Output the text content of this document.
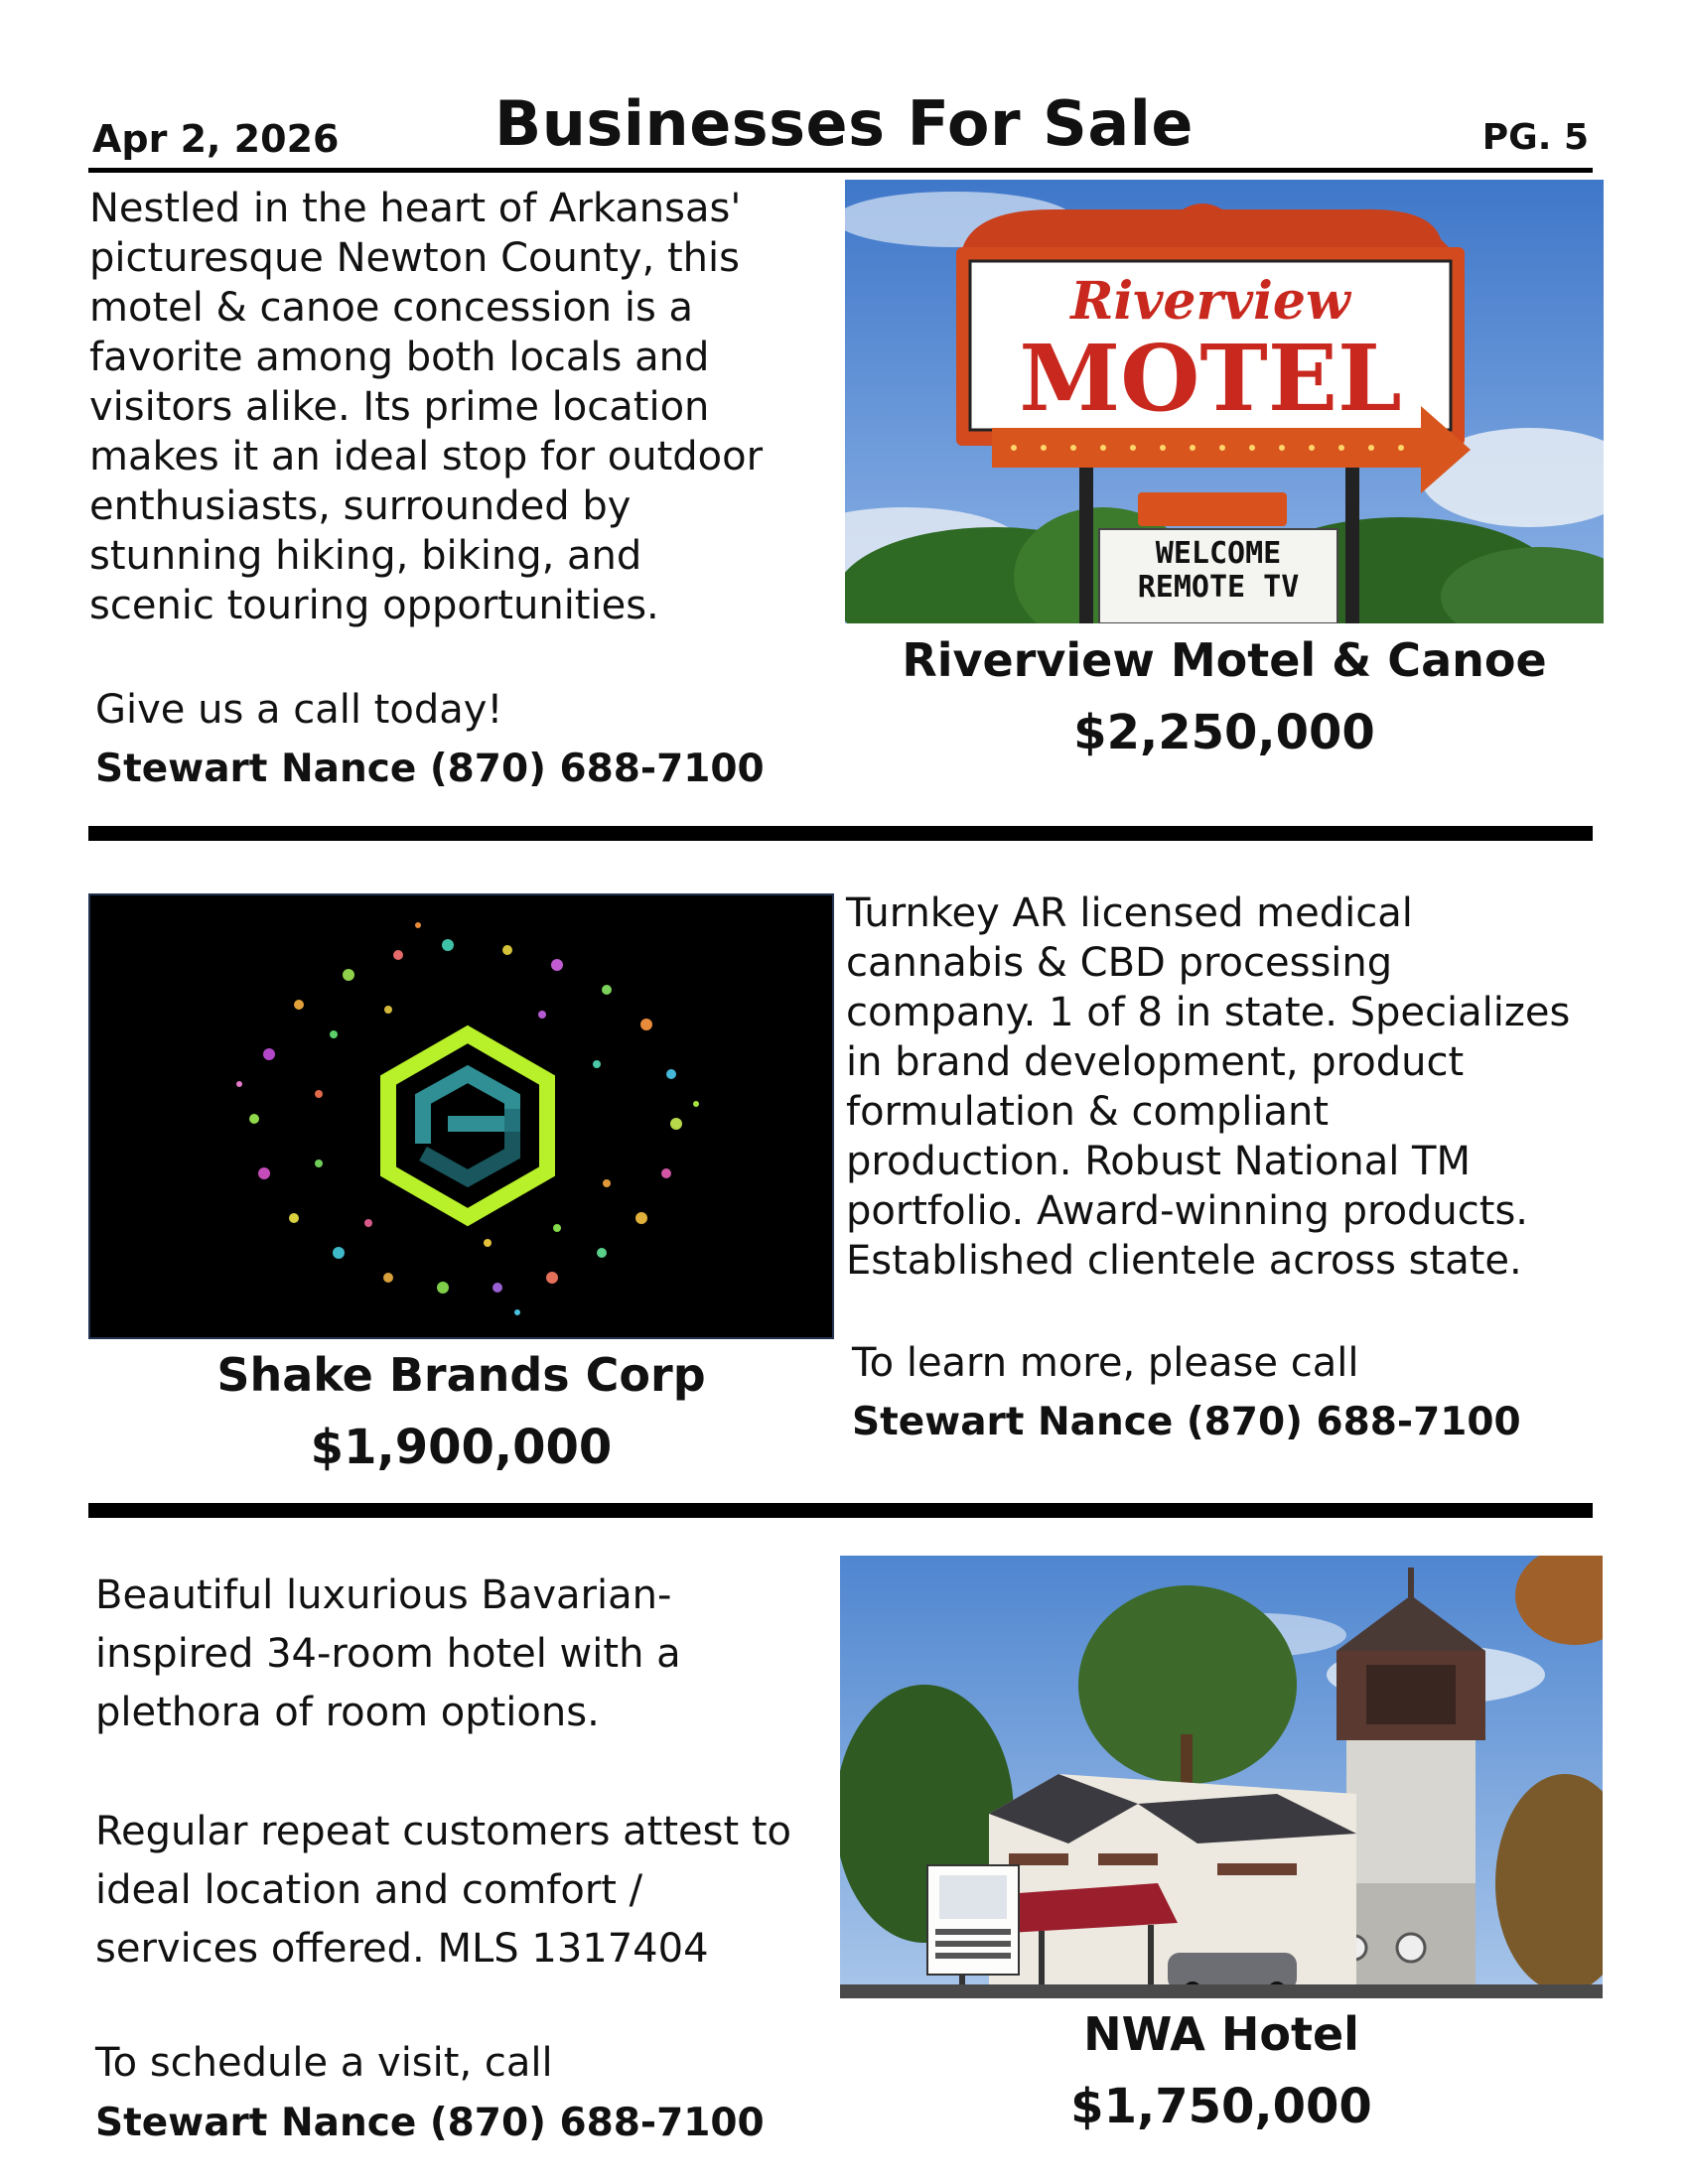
Apr 2, 2026	Businesses For Sale	PG. 5
Nestled in the heart of Arkansas'
picturesque Newton County, this
motel & canoe concession is a
favorite among both locals and
visitors alike. Its prime location
makes it an ideal stop for outdoor
enthusiasts, surrounded by
stunning hiking, biking, and
scenic touring opportunities.
Give us a call today!
Stewart Nance (870) 688-7100
Riverview
MOTEL
WELCOME
REMOTE TV
Riverview Motel & Canoe
$2,250,000
Turnkey AR licensed medical
cannabis & CBD processing
company. 1 of 8 in state. Specializes
in brand development, product
formulation & compliant
production. Robust National TM
portfolio. Award-winning products.
Established clientele across state.
To learn more, please call
Stewart Nance (870) 688-7100
Shake Brands Corp
$1,900,000
Beautiful luxurious Bavarian-
inspired 34-room hotel with a
plethora of room options.
Regular repeat customers attest to
ideal location and comfort /
services offered. MLS 1317404
To schedule a visit, call
Stewart Nance (870) 688-7100
NWA Hotel
$1,750,000
